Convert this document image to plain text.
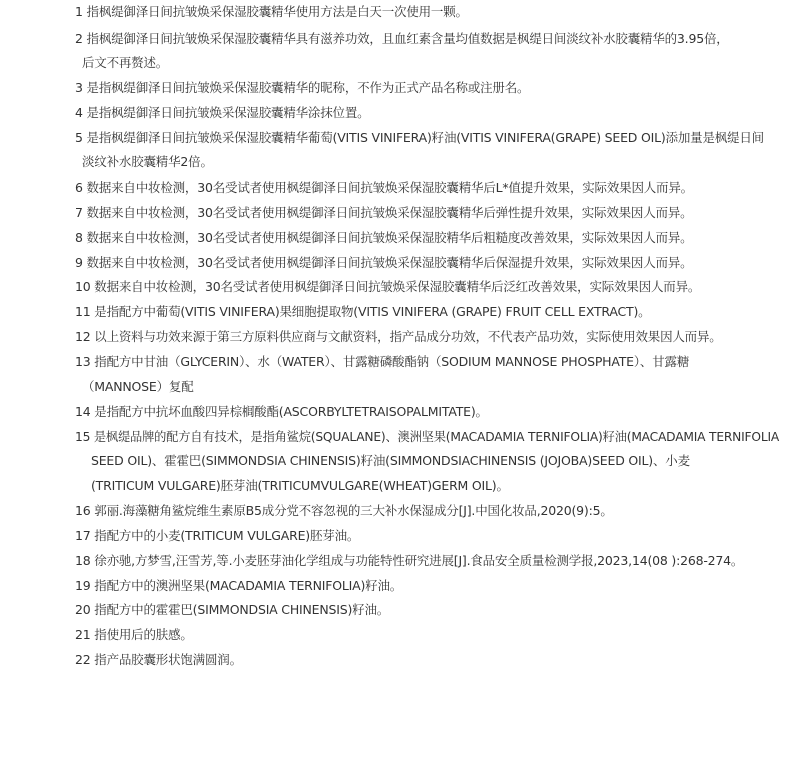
1 指枫缇御泽日间抗皱焕采保湿胶囊精华使用方法是白天一次使用一颗。
2 指枫缇御泽日间抗皱焕采保湿胶囊精华具有滋养功效，且血红素含量均值数据是枫缇日间淡纹补水胶囊精华的3.95倍，
后文不再赘述。
3 是指枫缇御泽日间抗皱焕采保湿胶囊精华的昵称，不作为正式产品名称或注册名。
4 是指枫缇御泽日间抗皱焕采保湿胶囊精华涂抹位置。
5 是指枫缇御泽日间抗皱焕采保湿胶囊精华葡萄(VITIS VINIFERA)籽油(VITIS VINIFERA(GRAPE) SEED OIL)添加量是枫缇日间
淡纹补水胶囊精华2倍。
6 数据来自中妆检测，30名受试者使用枫缇御泽日间抗皱焕采保湿胶囊精华后L*值提升效果，实际效果因人而异。
7 数据来自中妆检测，30名受试者使用枫缇御泽日间抗皱焕采保湿胶囊精华后弹性提升效果，实际效果因人而异。
8 数据来自中妆检测，30名受试者使用枫缇御泽日间抗皱焕采保湿胶精华后粗糙度改善效果，实际效果因人而异。
9 数据来自中妆检测，30名受试者使用枫缇御泽日间抗皱焕采保湿胶囊精华后保湿提升效果，实际效果因人而异。
10 数据来自中妆检测，30名受试者使用枫缇御泽日间抗皱焕采保湿胶囊精华后泛红改善效果，实际效果因人而异。
11 是指配方中葡萄(VITIS VINIFERA)果细胞提取物(VITIS VINIFERA (GRAPE) FRUIT CELL EXTRACT)。
12 以上资料与功效来源于第三方原料供应商与文献资料，指产品成分功效，不代表产品功效，实际使用效果因人而异。
13 指配方中甘油（GLYCERIN）、水（WATER）、甘露糖磷酸酯钠（SODIUM MANNOSE PHOSPHATE）、甘露糖
（MANNOSE）复配
14 是指配方中抗坏血酸四异棕榈酸酯(ASCORBYLTETRAISOPALMITATE)。
15 是枫缇品牌的配方自有技术，是指角鲨烷(SQUALANE)、澳洲坚果(MACADAMIA TERNIFOLIA)籽油(MACADAMIA TERNIFOLIA
SEED OIL)、霍霍巴(SIMMONDSIA CHINENSIS)籽油(SIMMONDSIACHINENSIS (JOJOBA)SEED OIL)、小麦
(TRITICUM VULGARE)胚芽油(TRITICUMVULGARE(WHEAT)GERM OIL)。
16 郭丽.海藻糖角鲨烷维生素原B5成分党不容忽视的三大补水保湿成分[J].中国化妆品,2020(9):5。
17 指配方中的小麦(TRITICUM VULGARE)胚芽油。
18 徐亦驰,方梦雪,汪雪芳,等.小麦胚芽油化学组成与功能特性研究进展[J].食品安全质量检测学报,2023,14(08 ):268-274。
19 指配方中的澳洲坚果(MACADAMIA TERNIFOLIA)籽油。
20 指配方中的霍霍巴(SIMMONDSIA CHINENSIS)籽油。
21 指使用后的肤感。
22 指产品胶囊形状饱满圆润。
